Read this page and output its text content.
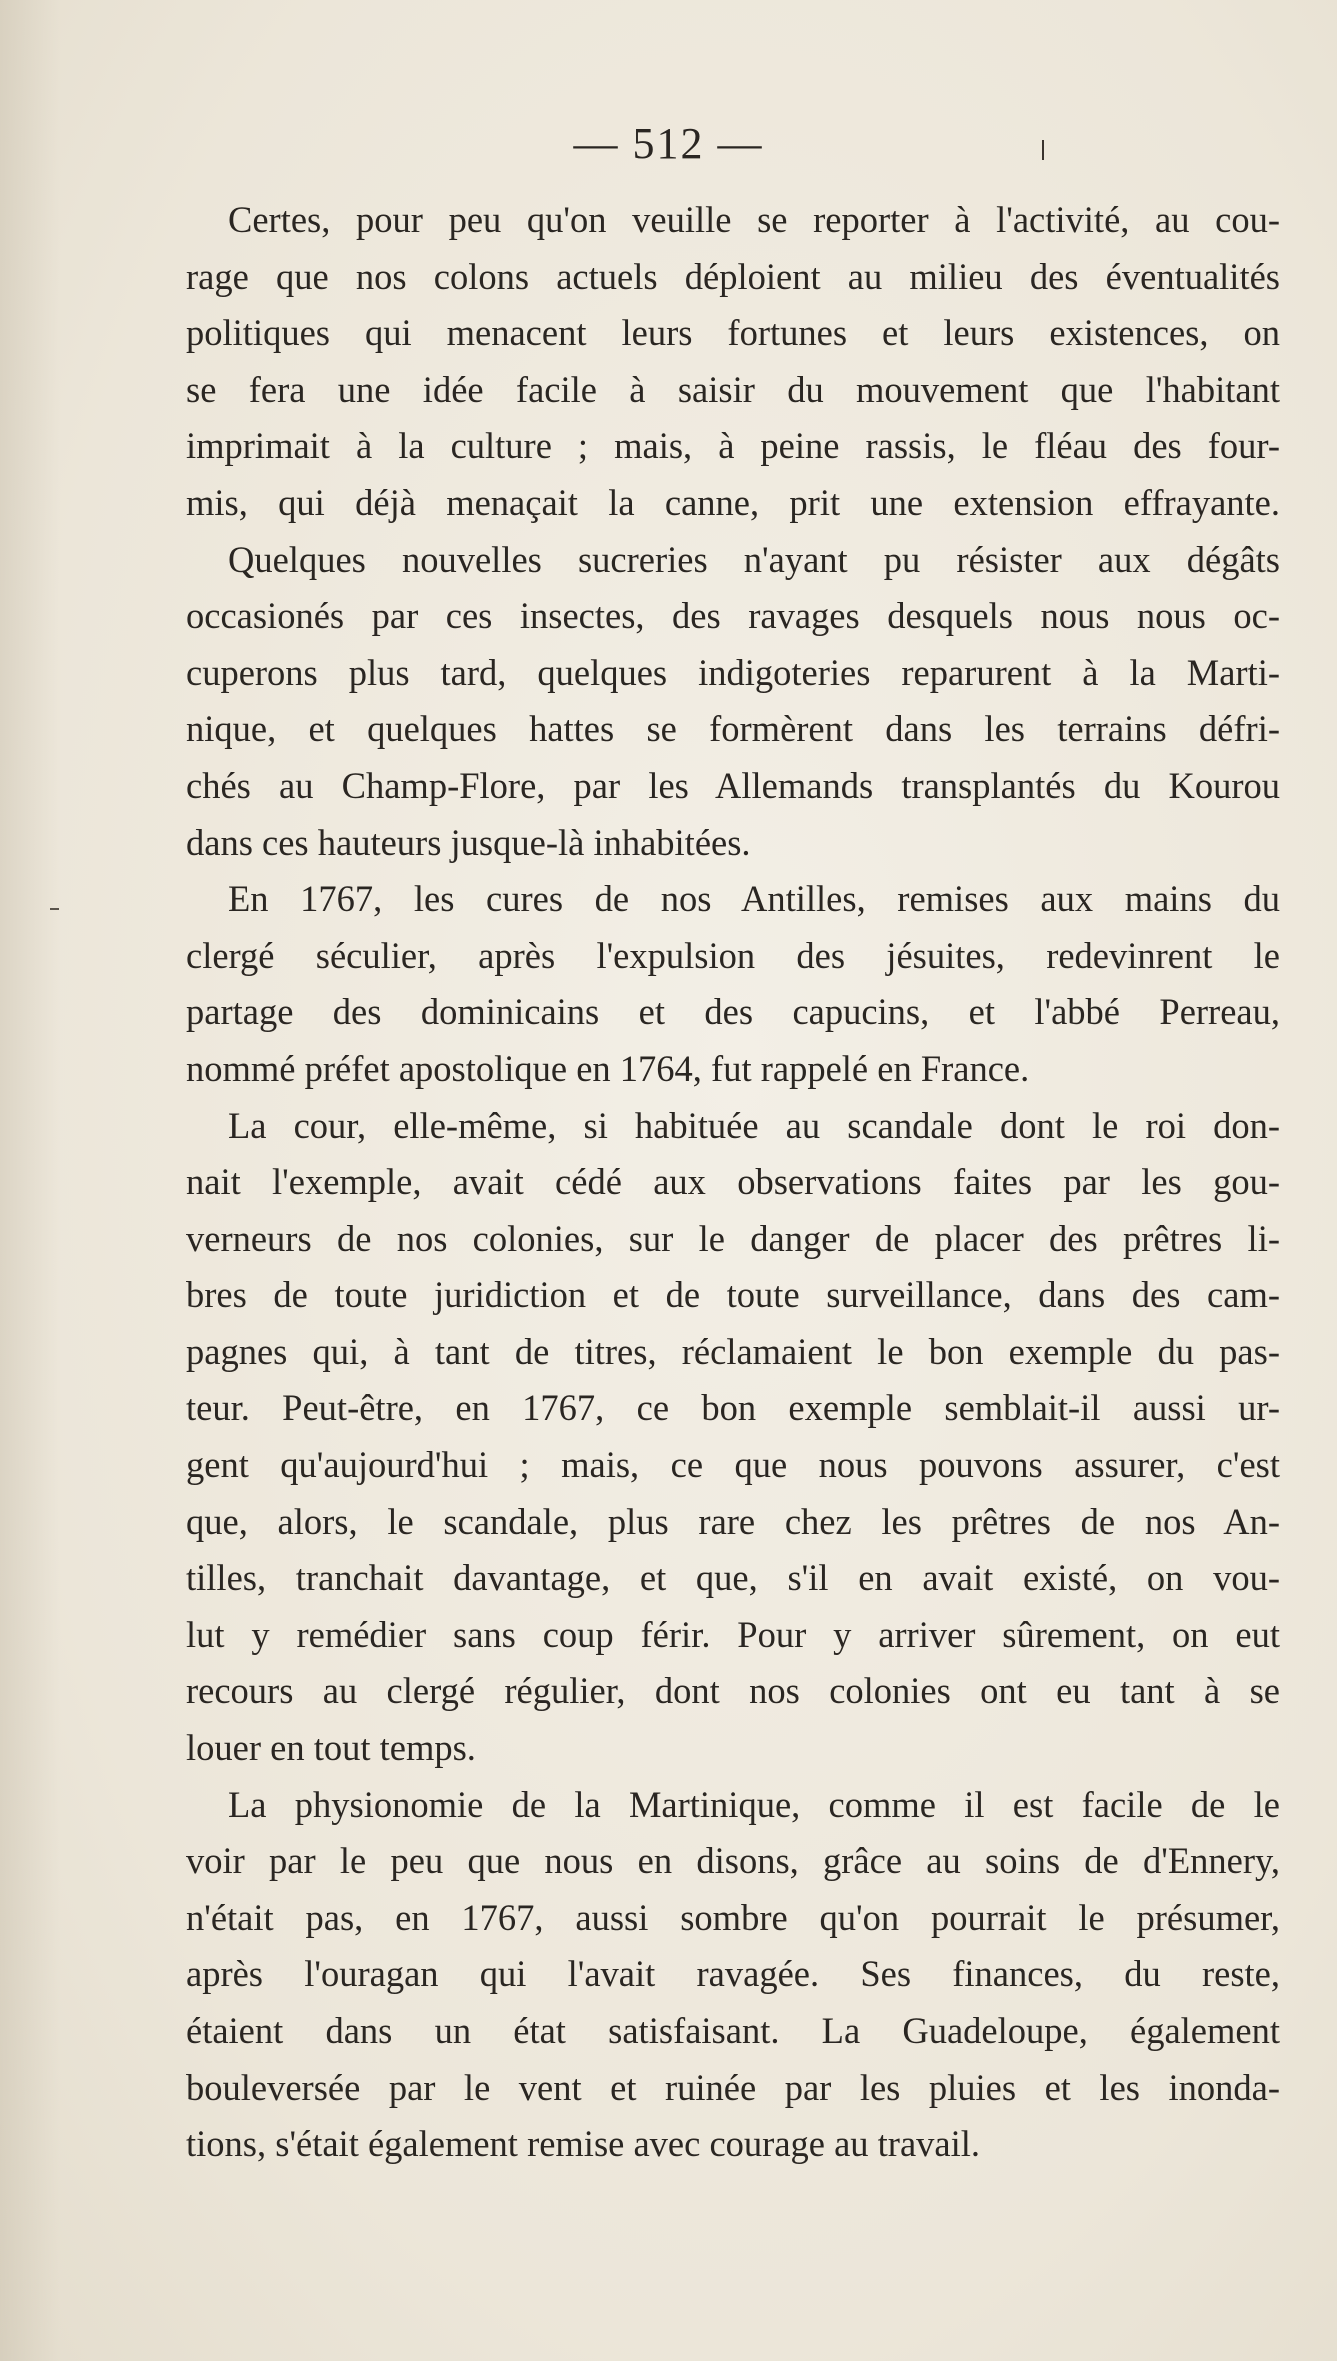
— 512 —
Certes, pour peu qu'on veuille se reporter à l'activité, au cou-
rage que nos colons actuels déploient au milieu des éventualités
politiques qui menacent leurs fortunes et leurs existences, on
se fera une idée facile à saisir du mouvement que l'habitant
imprimait à la culture ; mais, à peine rassis, le fléau des four-
mis, qui déjà menaçait la canne, prit une extension effrayante.
Quelques nouvelles sucreries n'ayant pu résister aux dégâts
occasionés par ces insectes, des ravages desquels nous nous oc-
cuperons plus tard, quelques indigoteries reparurent à la Marti-
nique, et quelques hattes se formèrent dans les terrains défri-
chés au Champ-Flore, par les Allemands transplantés du Kourou
dans ces hauteurs jusque-là inhabitées.
En 1767, les cures de nos Antilles, remises aux mains du
clergé séculier, après l'expulsion des jésuites, redevinrent le
partage des dominicains et des capucins, et l'abbé Perreau,
nommé préfet apostolique en 1764, fut rappelé en France.
La cour, elle-même, si habituée au scandale dont le roi don-
nait l'exemple, avait cédé aux observations faites par les gou-
verneurs de nos colonies, sur le danger de placer des prêtres li-
bres de toute juridiction et de toute surveillance, dans des cam-
pagnes qui, à tant de titres, réclamaient le bon exemple du pas-
teur. Peut-être, en 1767, ce bon exemple semblait-il aussi ur-
gent qu'aujourd'hui ; mais, ce que nous pouvons assurer, c'est
que, alors, le scandale, plus rare chez les prêtres de nos An-
tilles, tranchait davantage, et que, s'il en avait existé, on vou-
lut y remédier sans coup férir. Pour y arriver sûrement, on eut
recours au clergé régulier, dont nos colonies ont eu tant à se
louer en tout temps.
La physionomie de la Martinique, comme il est facile de le
voir par le peu que nous en disons, grâce au soins de d'Ennery,
n'était pas, en 1767, aussi sombre qu'on pourrait le présumer,
après l'ouragan qui l'avait ravagée. Ses finances, du reste,
étaient dans un état satisfaisant. La Guadeloupe, également
bouleversée par le vent et ruinée par les pluies et les inonda-
tions, s'était également remise avec courage au travail.
